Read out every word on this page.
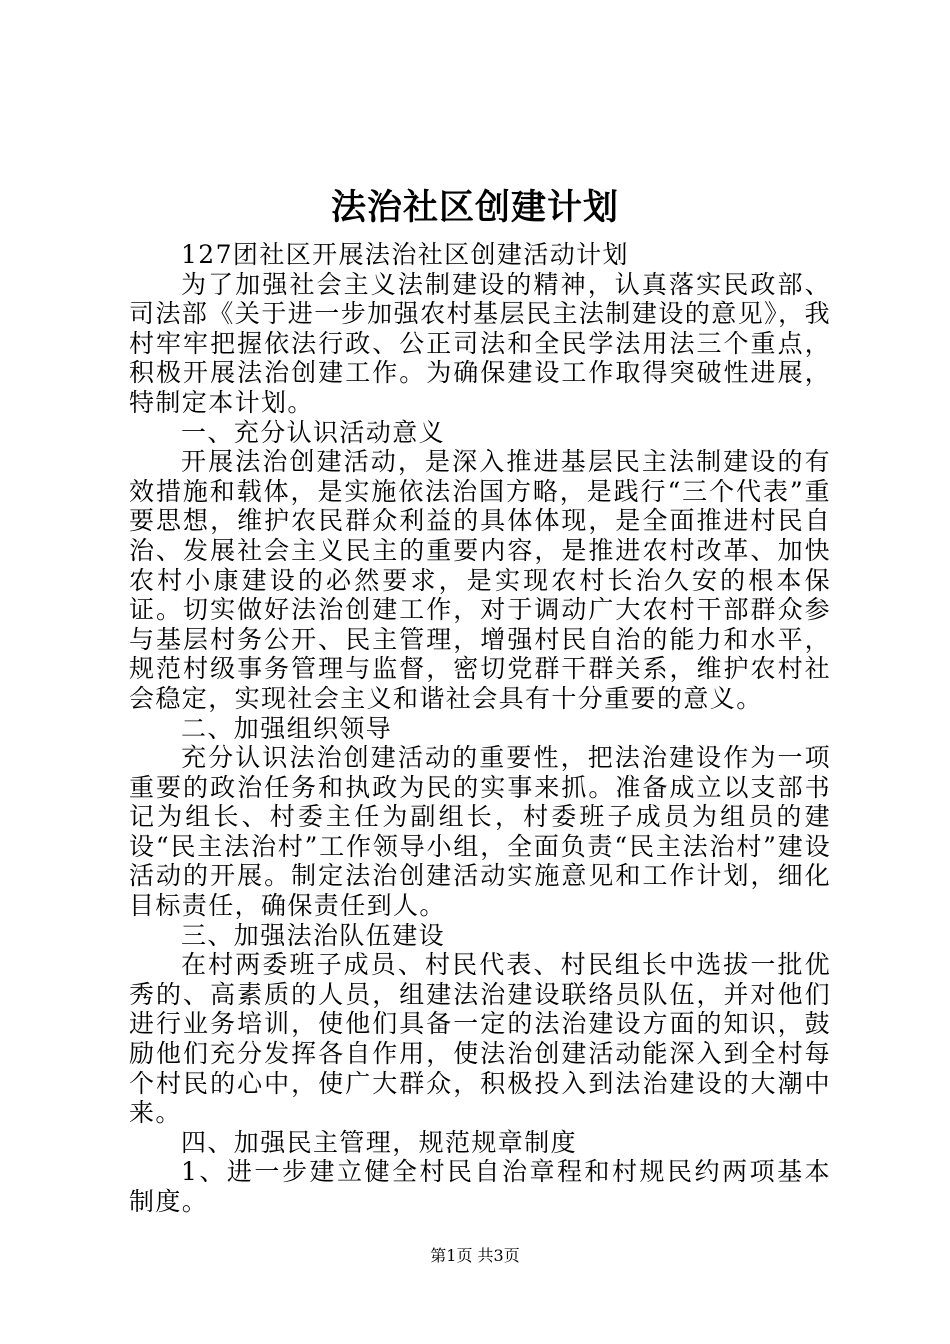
法治社区创建计划

127团社区开展法治社区创建活动计划

为了加强社会主义法制建设的精神，认真落实民政部、司法部《关于进一步加强农村基层民主法制建设的意见》，我村牢牢把握依法行政、公正司法和全民学法用法三个重点，积极开展法治创建工作。为确保建设工作取得突破性进展，特制定本计划。

一、充分认识活动意义

开展法治创建活动，是深入推进基层民主法制建设的有效措施和载体，是实施依法治国方略，是践行“三个代表”重要思想，维护农民群众利益的具体体现，是全面推进村民自治、发展社会主义民主的重要内容，是推进农村改革、加快农村小康建设的必然要求，是实现农村长治久安的根本保证。切实做好法治创建工作，对于调动广大农村干部群众参与基层村务公开、民主管理，增强村民自治的能力和水平，规范村级事务管理与监督，密切党群干群关系，维护农村社会稳定，实现社会主义和谐社会具有十分重要的意义。

二、加强组织领导

充分认识法治创建活动的重要性，把法治建设作为一项重要的政治任务和执政为民的实事来抓。准备成立以支部书记为组长、村委主任为副组长，村委班子成员为组员的建设“民主法治村”工作领导小组，全面负责“民主法治村”建设活动的开展。制定法治创建活动实施意见和工作计划，细化目标责任，确保责任到人。

三、加强法治队伍建设

在村两委班子成员、村民代表、村民组长中选拔一批优秀的、高素质的人员，组建法治建设联络员队伍，并对他们进行业务培训，使他们具备一定的法治建设方面的知识，鼓励他们充分发挥各自作用，使法治创建活动能深入到全村每个村民的心中，使广大群众，积极投入到法治建设的大潮中来。

四、加强民主管理，规范规章制度

1、进一步建立健全村民自治章程和村规民约两项基本制度。

第1页 共3页
